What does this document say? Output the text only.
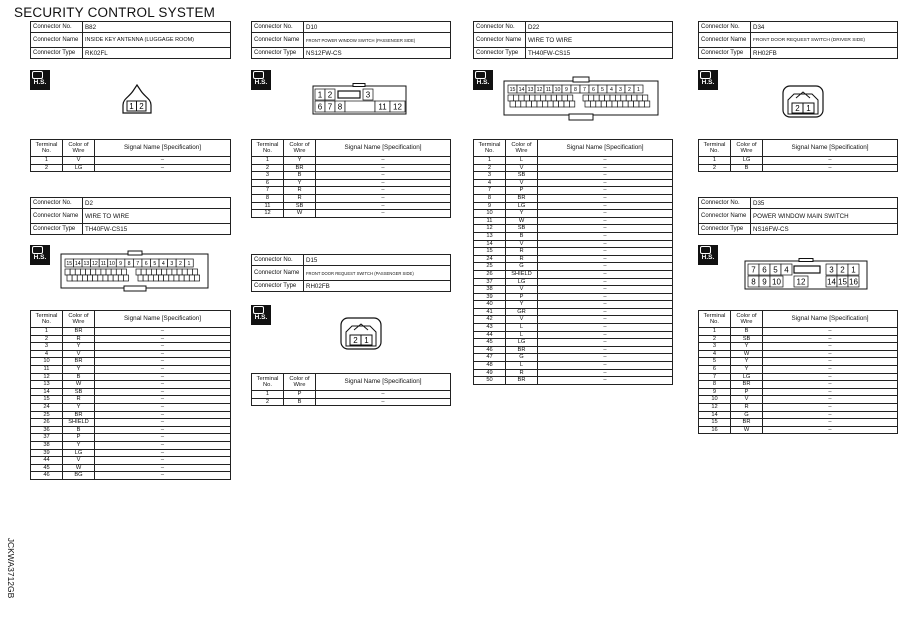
SECURITY CONTROL SYSTEM
JCKWA3712GB
Connector No.	B82
Connector Name	INSIDE KEY ANTENNA (LUGGAGE ROOM)
Connector Type	RK02FL
H.S.
1 2
Terminal No.	Color of Wire	Signal Name [Specification]
1	V	–
2	LG	–
Connector No.	D2
Connector Name	WIRE TO WIRE
Connector Type	TH40FW-CS15
H.S.
15 14 13 12 11 10 9 8 7 6 5 4 3 2 1
Terminal No.	Color of Wire	Signal Name [Specification]
1	BR	–
2	R	–
3	Y	–
4	V	–
10	BR	–
11	Y	–
12	B	–
13	W	–
14	SB	–
15	R	–
24	Y	–
25	BR	–
26	SHIELD	–
36	B	–
37	P	–
38	Y	–
39	LG	–
44	V	–
45	W	–
46	BG	–
Connector No.	D10
Connector Name	FRONT POWER WINDOW SWITCH (PASSENGER SIDE)
Connector Type	NS12FW-CS
H.S.
1 2	3
6 7 8	11 12
Terminal No.	Color of Wire	Signal Name [Specification]
1	Y	–
2	BR	–
3	B	–
6	Y	–
7	R	–
8	R	–
11	SB	–
12	W	–
Connector No.	D15
Connector Name	FRONT DOOR REQUEST SWITCH (PASSENGER SIDE)
Connector Type	RH02FB
H.S.
2 1
Terminal No.	Color of Wire	Signal Name [Specification]
1	P	–
2	B	–
Connector No.	D22
Connector Name	WIRE TO WIRE
Connector Type	TH40FW-CS15
H.S.
15 14 13 12 11 10 9 8 7 6 5 4 3 2 1
Terminal No.	Color of Wire	Signal Name [Specification]
1	L	–
2	V	–
3	SB	–
4	V	–
7	P	–
8	BR	–
9	LG	–
10	Y	–
11	W	–
12	SB	–
13	B	–
14	V	–
15	R	–
24	R	–
25	G	–
26	SHIELD	–
37	LG	–
38	V	–
39	P	–
40	Y	–
41	GR	–
42	V	–
43	L	–
44	L	–
45	LG	–
46	BR	–
47	G	–
48	L	–
49	R	–
50	BR	–
Connector No.	D34
Connector Name	FRONT DOOR REQUEST SWITCH (DRIVER SIDE)
Connector Type	RH02FB
H.S.
2 1
Terminal No.	Color of Wire	Signal Name [Specification]
1	LG	–
2	B	–
Connector No.	D35
Connector Name	POWER WINDOW MAIN SWITCH
Connector Type	NS16FW-CS
H.S.
7 6 5 4	3 2 1
8 9 10 12	14 15 16
Terminal No.	Color of Wire	Signal Name [Specification]
1	B	–
2	SB	–
3	Y	–
4	W	–
5	Y	–
6	Y	–
7	LG	–
8	BR	–
9	P	–
10	V	–
12	R	–
14	G	–
15	BR	–
16	W	–
